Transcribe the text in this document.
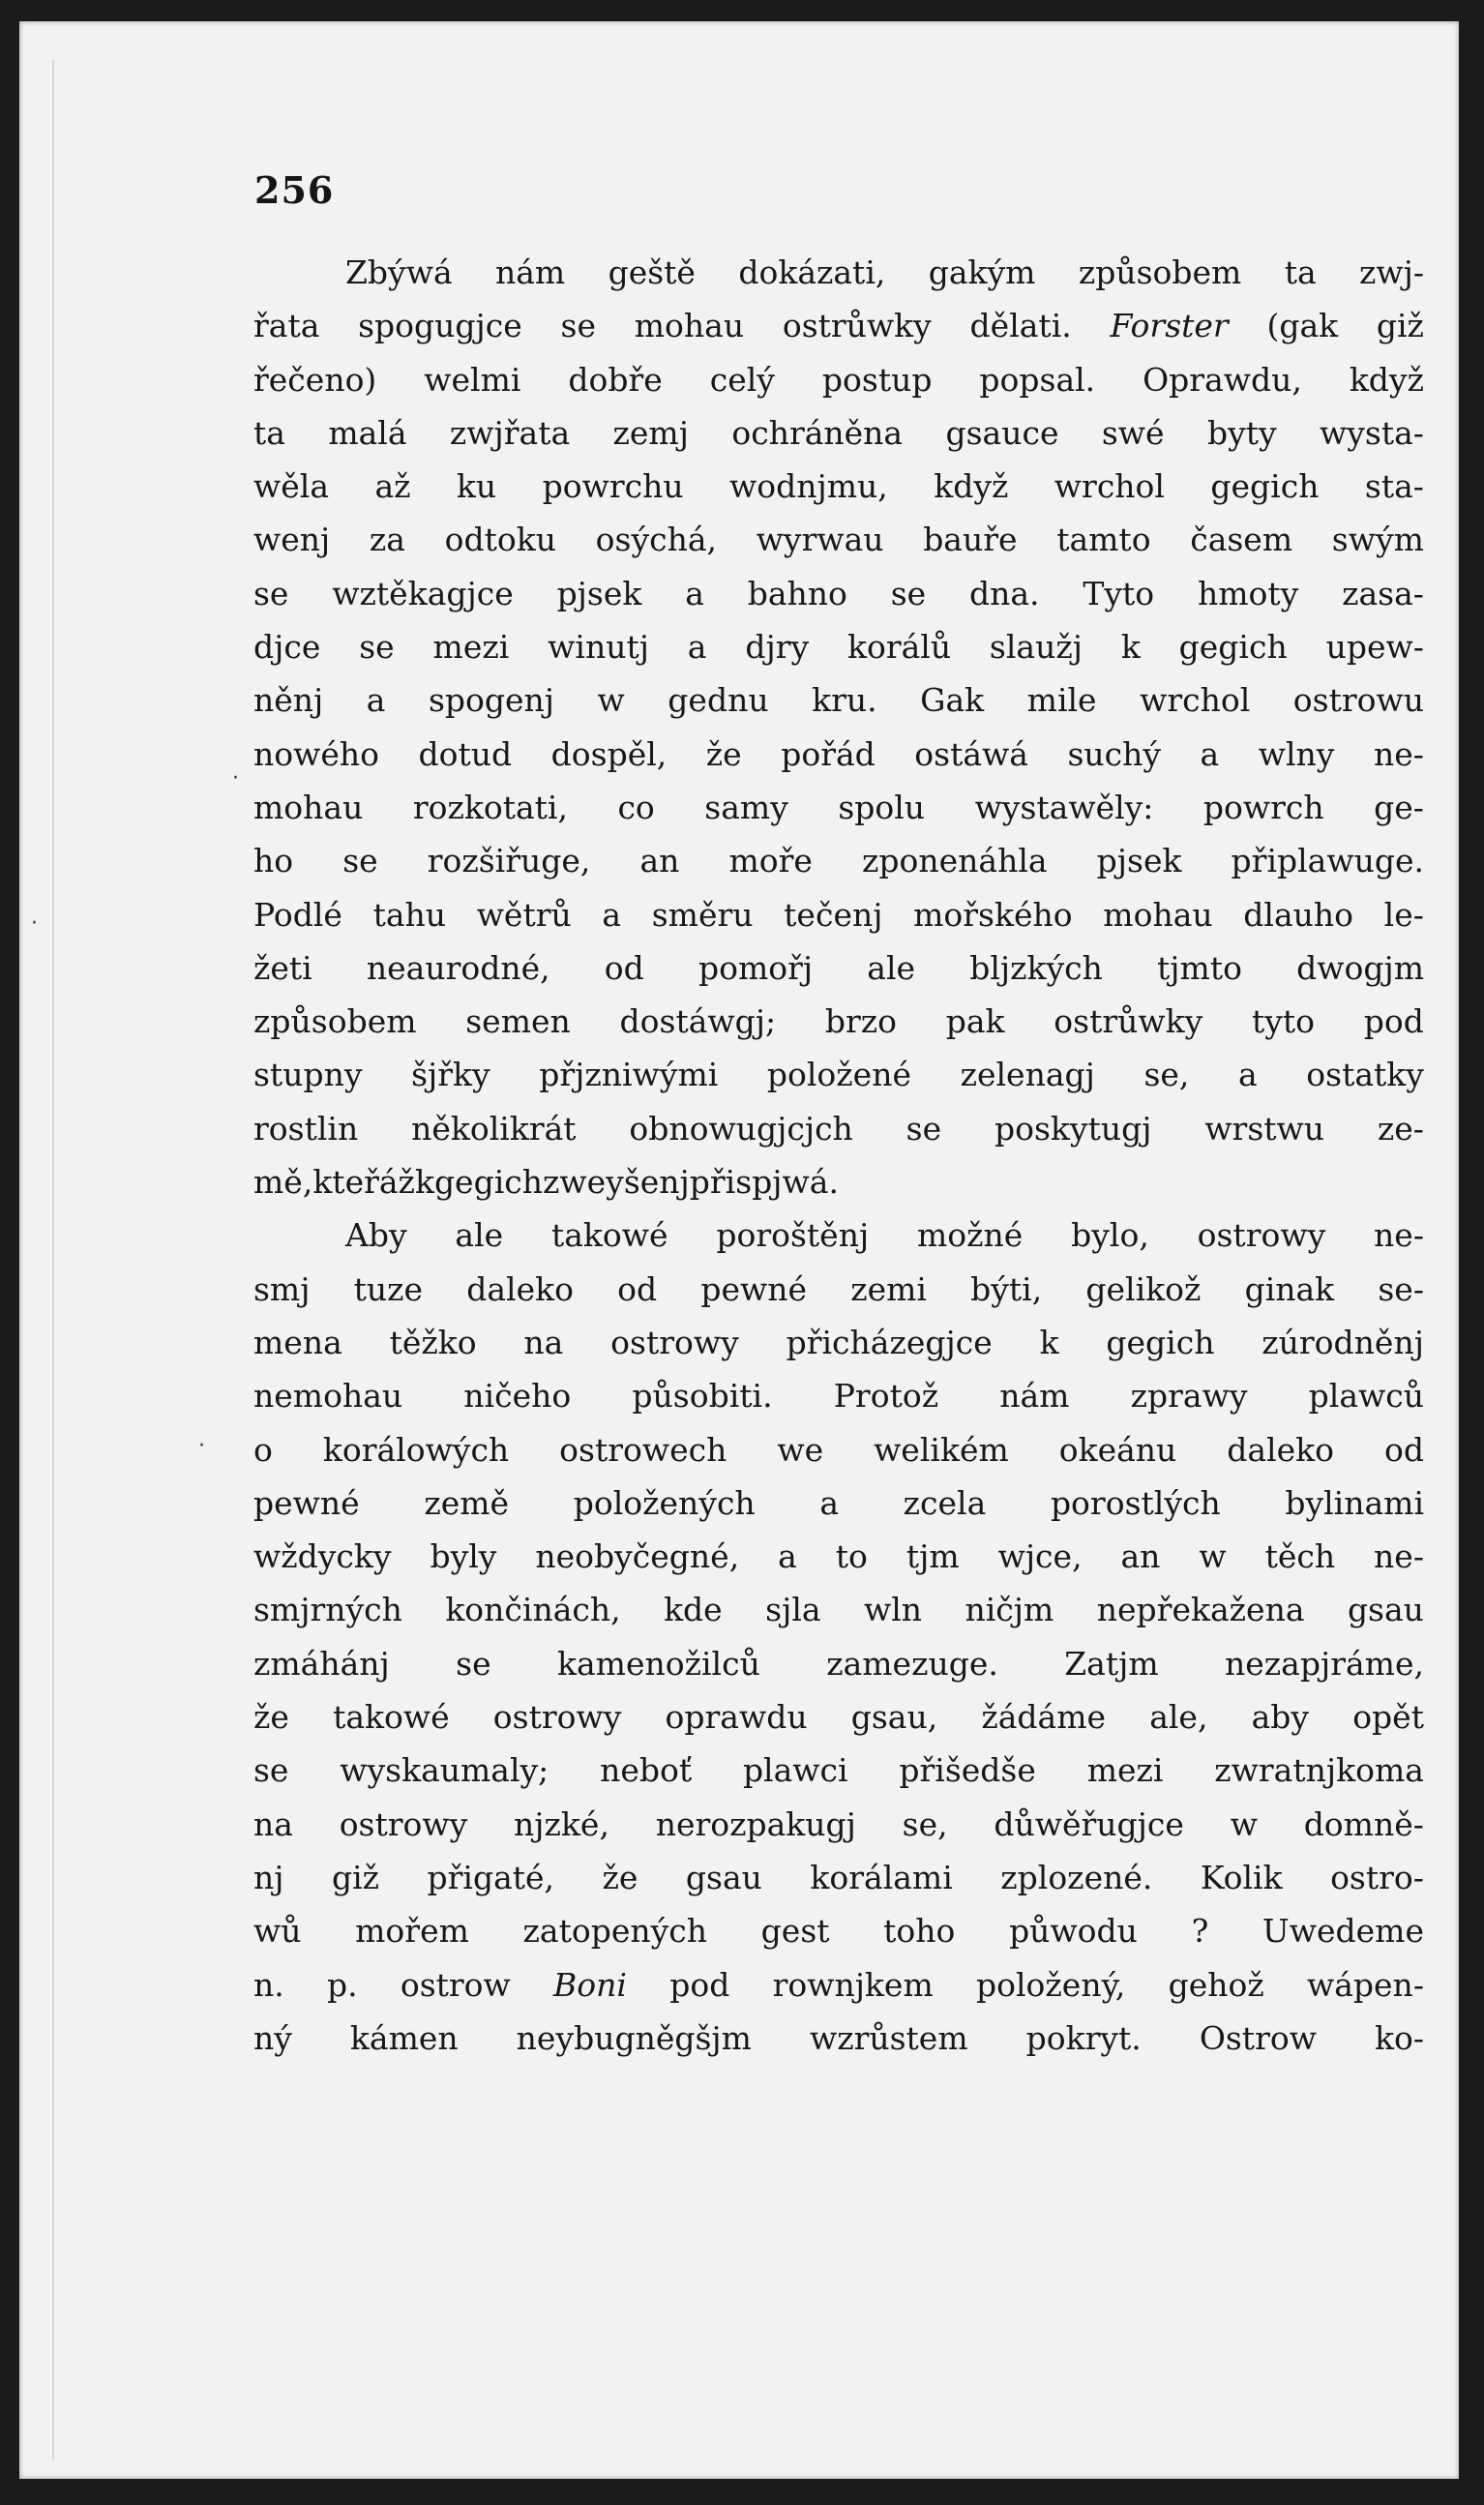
256
Zbýwá nám geště dokázati, gakým způsobem ta zwj-
řata spogugjce se mohau ostrůwky dělati. Forster (gak giž
řečeno) welmi dobře celý postup popsal. Oprawdu, když
ta malá zwjřata zemj ochráněna gsauce swé byty wysta-
wěla až ku powrchu wodnjmu, když wrchol gegich sta-
wenj za odtoku osýchá, wyrwau bauře tamto časem swým
se wztěkagjce pjsek a bahno se dna. Tyto hmoty zasa-
djce se mezi winutj a djry korálů slaužj k gegich upew-
něnj a spogenj w gednu kru. Gak mile wrchol ostrowu
nowého dotud dospěl, že pořád ostáwá suchý a wlny ne-
mohau rozkotati, co samy spolu wystawěly: powrch ge-
ho se rozšiřuge, an moře zponenáhla pjsek připlawuge.
Podlé tahu wětrů a směru tečenj mořského mohau dlauho le-
žeti neaurodné, od pomořj ale bljzkých tjmto dwogjm
způsobem semen dostáwgj; brzo pak ostrůwky tyto pod
stupny šjřky přjzniwými položené zelenagj se, a ostatky
rostlin několikrát obnowugjcjch se poskytugj wrstwu ze-
mě, kteřáž k gegich zweyšenj přispjwá.
Aby ale takowé poroštěnj možné bylo, ostrowy ne-
smj tuze daleko od pewné zemi býti, gelikož ginak se-
mena těžko na ostrowy přicházegjce k gegich zúrodněnj
nemohau ničeho působiti. Protož nám zprawy plawců
o korálowých ostrowech we welikém okeánu daleko od
pewné země položených a zcela porostlých bylinami
wždycky byly neobyčegné, a to tjm wjce, an w těch ne-
smjrných končinách, kde sjla wln ničjm nepřekažena gsau
zmáhánj se kamenožilců zamezuge. Zatjm nezapjráme,
že takowé ostrowy oprawdu gsau, žádáme ale, aby opět
se wyskaumaly; neboť plawci přišedše mezi zwratnjkoma
na ostrowy njzké, nerozpakugj se, důwěřugjce w domně-
nj giž přigaté, že gsau korálami zplozené. Kolik ostro-
wů mořem zatopených gest toho půwodu ? Uwedeme
n. p. ostrow Boni pod rownjkem položený, gehož wápen-
ný kámen neybugněgšjm wzrůstem pokryt. Ostrow ko-
·
·
·
